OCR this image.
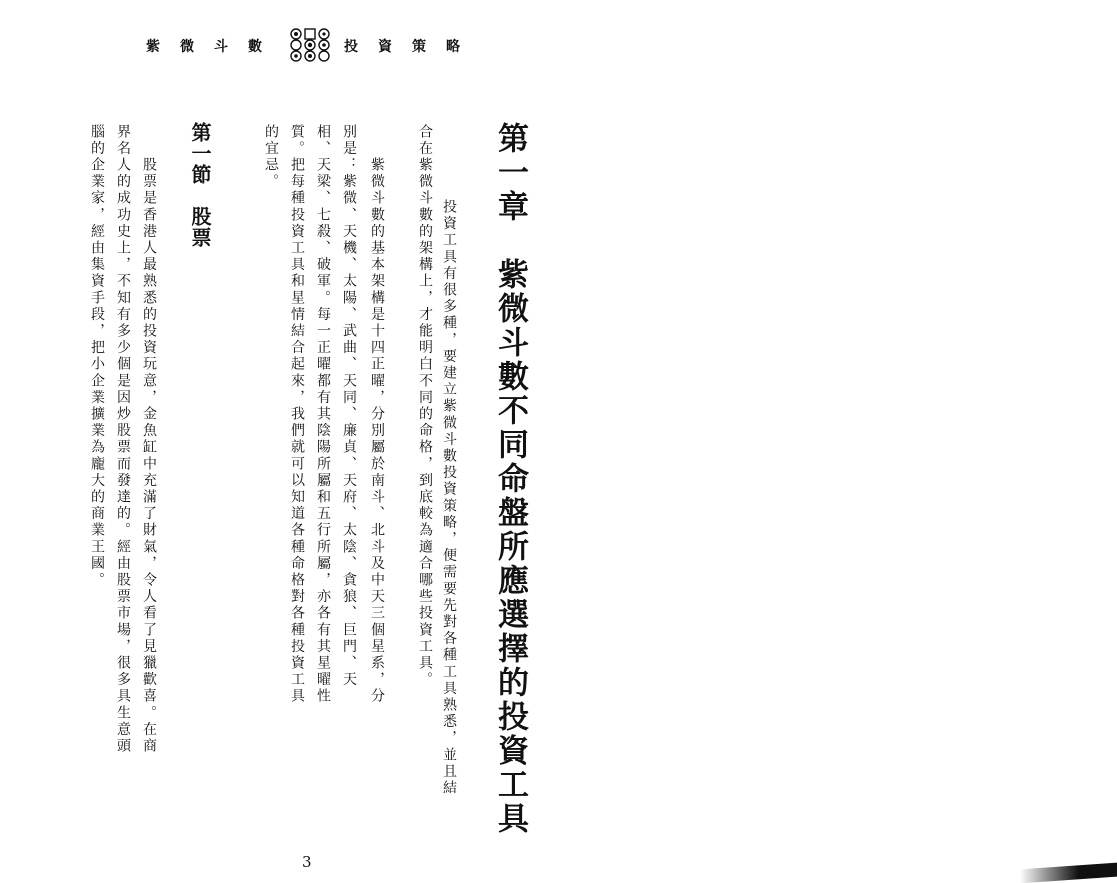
紫微斗數	投資策略
第一章　紫微斗數不同命盤所應選擇的投資工具
　　投資工具有很多種，要建立紫微斗數投資策略，便需要先對各種工具熟悉，並且結
合在紫微斗數的架構上，才能明白不同的命格，到底較為適合哪些投資工具。
　　紫微斗數的基本架構是十四正曜，分別屬於南斗、北斗及中天三個星系，分
別是：紫微、天機、太陽、武曲、天同、廉貞、天府、太陰、貪狼、巨門、天
相、天梁、七殺、破軍。每一正曜都有其陰陽所屬和五行所屬，亦各有其星曜性
質。把每種投資工具和星情結合起來，我們就可以知道各種命格對各種投資工具
的宜忌。
第一節　股票
　　股票是香港人最熟悉的投資玩意，金魚缸中充滿了財氣，令人看了見獵歡喜。在商
界名人的成功史上，不知有多少個是因炒股票而發達的。經由股票市場，很多具生意頭
腦的企業家，經由集資手段，把小企業擴業為龐大的商業王國。
3
